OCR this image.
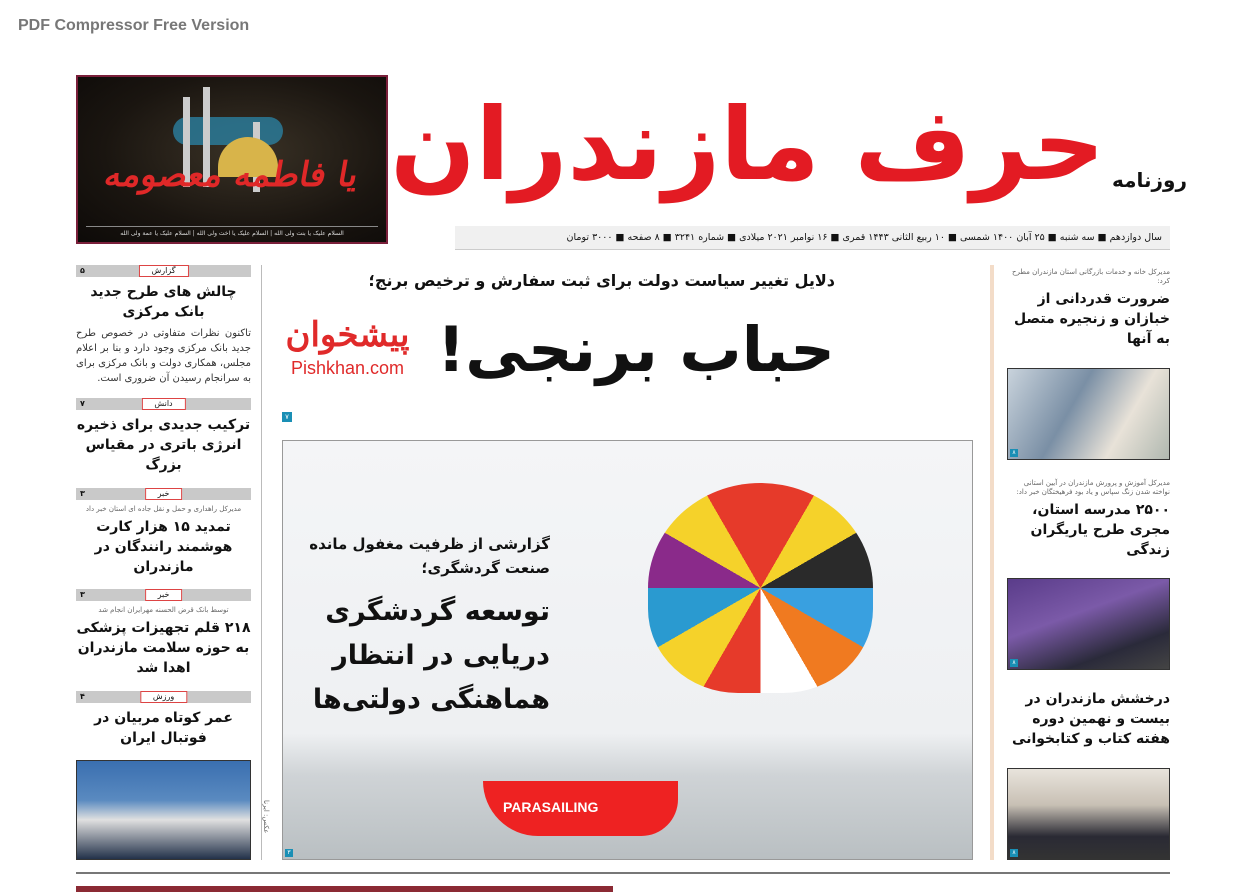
PDF Compressor Free Version
یا فاطمه معصومه
السلام علیک یا بنت ولی الله | السلام علیک یا اخت ولی الله | السلام علیک یا عمة ولی الله
حرف مازندران روزنامه
سال دوازدهم ■ سه شنبه ■ ۲۵ آبان ۱۴۰۰ شمسی ■ ۱۰ ربیع الثانی ۱۴۴۳ قمری ■ ۱۶ نوامبر ۲۰۲۱ میلادی ■ شماره ۳۲۴۱ ■ ۸ صفحه ■ ۳۰۰۰ تومان
گزارش
۵
چالش های طرح جدید بانک مرکزی
تاکنون نظرات متفاوتی در خصوص طرح جدید بانک مرکزی وجود دارد و بنا بر اعلام مجلس، همکاری دولت و بانک مرکزی برای به سرانجام رسیدن آن ضروری است.
دانش
۷
ترکیب جدیدی برای ذخیره انرژی باتری در مقیاس بزرگ
خبر
۳
مدیرکل راهداری و حمل و نقل جاده ای استان خبر داد
تمدید ۱۵ هزار کارت هوشمند رانندگان در مازندران
خبر
۳
توسط بانک قرض الحسنه مهرایران انجام شد
۲۱۸ قلم تجهیزات پزشکی به حوزه سلامت مازندران اهدا شد
ورزش
۴
عمر کوتاه مربیان در فوتبال ایران
دلایل تغییر سیاست دولت برای ثبت سفارش و ترخیص برنج؛
حباب برنجی!
پیشخوان
Pishkhan.com
۷
PARASAILING
۳
گزارشی از ظرفیت مغفول مانده صنعت گردشگری؛
توسعه گردشگری دریایی در انتظار هماهنگی دولتی‌ها
عکس: ایرنا
مدیرکل خانه و خدمات بازرگانی استان مازندران مطرح کرد:
ضرورت قدردانی از خبازان و زنجیره متصل به آنها
۸
مدیرکل آموزش و پرورش مازندران در آیین استانی نواخته شدن زنگ سپاس و یاد بود فرهیختگان خبر داد:
۲۵۰۰ مدرسه استان، مجری طرح یاریگران زندگی
۸
درخشش مازندران در بیست و نهمین دوره هفته کتاب و کتابخوانی
۸
